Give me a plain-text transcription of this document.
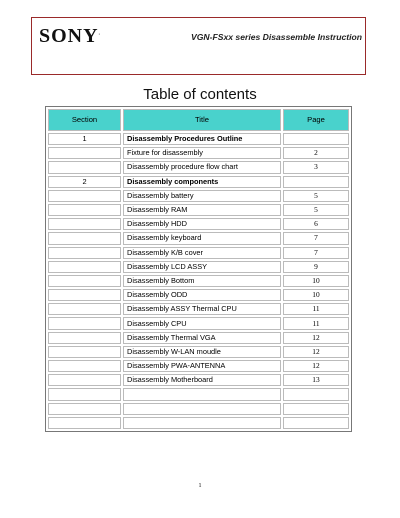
SONY.	VGN-FSxx series Disassemble Instruction
Table of contents
Section	Title	Page
1	Disassembly Procedures Outline	
	Fixture for disassembly	2
	Disassembly procedure flow chart	3
2	Disassembly components	
	Disassembly battery	5
	Disassembly RAM	5
	Disassembly HDD	6
	Disassembly keyboard	7
	Disassembly K/B cover	7
	Disassembly LCD ASSY	9
	Disassembly Bottom	10
	Disassembly ODD	10
	Disassembly ASSY Thermal CPU	11
	Disassembly CPU	11
	Disassembly Thermal VGA	12
	Disassembly W-LAN moudle	12
	Disassembly PWA-ANTENNA	12
	Disassembly Motherboard	13

1
